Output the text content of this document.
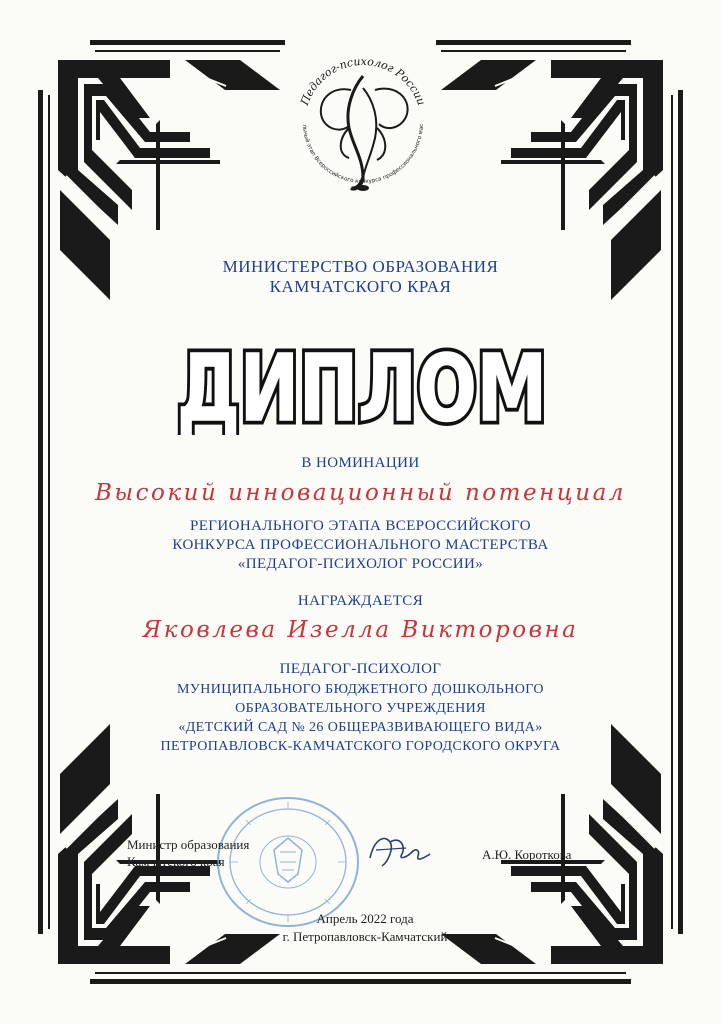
Педагог-психолог России
льный этап Всероссийского конкурса профессионального мас
МИНИСТЕРСТВО ОБРАЗОВАНИЯ
КАМЧАТСКОГО КРАЯ
ДИПЛОМ
ДИПЛОМ
В НОМИНАЦИИ
Высокий инновационный потенциал
РЕГИОНАЛЬНОГО ЭТАПА ВСЕРОССИЙСКОГО
КОНКУРСА ПРОФЕССИОНАЛЬНОГО МАСТЕРСТВА
«ПЕДАГОГ-ПСИХОЛОГ РОССИИ»
НАГРАЖДАЕТСЯ
Яковлева Изелла Викторовна
ПЕДАГОГ-ПСИХОЛОГ
МУНИЦИПАЛЬНОГО БЮДЖЕТНОГО ДОШКОЛЬНОГО
ОБРАЗОВАТЕЛЬНОГО УЧРЕЖДЕНИЯ
«ДЕТСКИЙ САД № 26 ОБЩЕРАЗВИВАЮЩЕГО ВИДА»
ПЕТРОПАВЛОВСК-КАМЧАТСКОГО ГОРОДСКОГО ОКРУГА
Министр образования
Камчатского края	А.Ю. Короткова
Апрель 2022 года
г. Петропавловск-Камчатский
